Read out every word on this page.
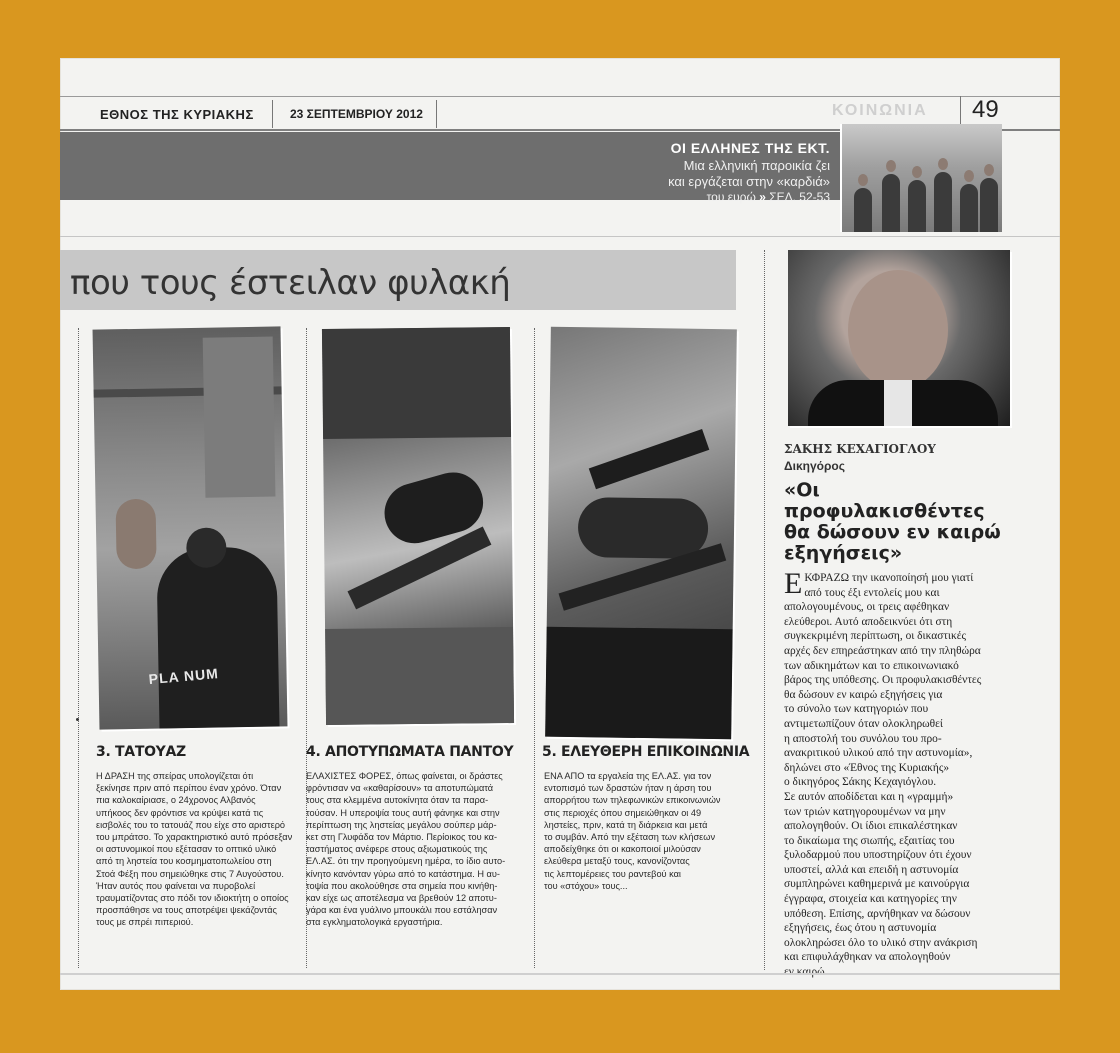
ΕΘΝΟΣ ΤΗΣ ΚΥΡΙΑΚΗΣ	23 ΣΕΠΤΕΜΒΡΙΟΥ 2012	ΚΟΙΝΩΝΙΑ 49
ΟΙ ΕΛΛΗΝΕΣ ΤΗΣ ΕΚΤ.
Μια ελληνική παροικία ζει
και εργάζεται στην «καρδιά»
του ευρώ » ΣΕΛ. 52-53
που τους έστειλαν φυλακή
PLA NUM
3. ΤΑΤΟΥΑΖ
Η ΔΡΑΣΗ της σπείρας υπολογίζεται ότι
ξεκίνησε πριν από περίπου έναν χρόνο. Όταν
πια καλοκαίριασε, ο 24χρονος Αλβανός
υπήκοος δεν φρόντισε να κρύψει κατά τις
εισβολές του το τατουάζ που είχε στο αριστερό
του μπράτσο. Το χαρακτηριστικό αυτό πρόσεξαν
οι αστυνομικοί που εξέτασαν το οπτικό υλικό
από τη ληστεία του κοσμηματοπωλείου στη
Στοά Φέξη που σημειώθηκε στις 7 Αυγούστου.
Ήταν αυτός που φαίνεται να πυροβολεί
τραυματίζοντας στο πόδι τον ιδιοκτήτη ο οποίος
προσπάθησε να τους αποτρέψει ψεκάζοντάς
τους με σπρέι πιπεριού.
4. ΑΠΟΤΥΠΩΜΑΤΑ ΠΑΝΤΟΥ
ΕΛΑΧΙΣΤΕΣ ΦΟΡΕΣ, όπως φαίνεται, οι δράστες
φρόντισαν να «καθαρίσουν» τα αποτυπώματά
τους στα κλεμμένα αυτοκίνητα όταν τα παρα-
τούσαν. Η υπεροψία τους αυτή φάνηκε και στην
περίπτωση της ληστείας μεγάλου σούπερ μάρ-
κετ στη Γλυφάδα τον Μάρτιο. Περίοικος του κα-
ταστήματος ανέφερε στους αξιωματικούς της
ΕΛ.ΑΣ. ότι την προηγούμενη ημέρα, το ίδιο αυτο-
κίνητο κανόνταν γύρω από το κατάστημα. Η αυ-
τοψία που ακολούθησε στα σημεία που κινήθη-
καν είχε ως αποτέλεσμα να βρεθούν 12 αποτυ-
γάρα και ένα γυάλινο μπουκάλι που εστάλησαν
στα εγκληματολογικά εργαστήρια.
5. ΕΛΕΥΘΕΡΗ ΕΠΙΚΟΙΝΩΝΙΑ
ΕΝΑ ΑΠΟ τα εργαλεία της ΕΛ.ΑΣ. για τον
εντοπισμό των δραστών ήταν η άρση του
απορρήτου των τηλεφωνικών επικοινωνιών
στις περιοχές όπου σημειώθηκαν οι 49
ληστείες, πριν, κατά τη διάρκεια και μετά
το συμβάν. Από την εξέταση των κλήσεων
αποδείχθηκε ότι οι κακοποιοί μιλούσαν
ελεύθερα μεταξύ τους, κανονίζοντας
τις λεπτομέρειες του ραντεβού και
του «στόχου» τους...
ΣΑΚΗΣ ΚΕΧΑΓΙΟΓΛΟΥ
Δικηγόρος
«Οι προφυλακισθέντες
θα δώσουν εν καιρώ
εξηγήσεις»
Ε ΚΦΡΑΖΩ την ικανοποίησή μου γιατί
από τους έξι εντολείς μου και
απολογουμένους, οι τρεις αφέθηκαν
ελεύθεροι. Αυτό αποδεικνύει ότι στη
συγκεκριμένη περίπτωση, οι δικαστικές
αρχές δεν επηρεάστηκαν από την πληθώρα
των αδικημάτων και το επικοινωνιακό
βάρος της υπόθεσης. Οι προφυλακισθέντες
θα δώσουν εν καιρώ εξηγήσεις για
το σύνολο των κατηγοριών που
αντιμετωπίζουν όταν ολοκληρωθεί
η αποστολή του συνόλου του προ-
ανακριτικού υλικού από την αστυνομία»,
δηλώνει στο «Έθνος της Κυριακής»
ο δικηγόρος Σάκης Κεχαγιόγλου.
Σε αυτόν αποδίδεται και η «γραμμή»
των τριών κατηγορουμένων να μην
απολογηθούν. Οι ίδιοι επικαλέστηκαν
το δικαίωμα της σιωπής, εξαιτίας του
ξυλοδαρμού που υποστηρίζουν ότι έχουν
υποστεί, αλλά και επειδή η αστυνομία
συμπληρώνει καθημερινά με καινούργια
έγγραφα, στοιχεία και κατηγορίες την
υπόθεση. Επίσης, αρνήθηκαν να δώσουν
εξηγήσεις, έως ότου η αστυνομία
ολοκληρώσει όλο το υλικό στην ανάκριση
και επιφυλάχθηκαν να απολογηθούν
